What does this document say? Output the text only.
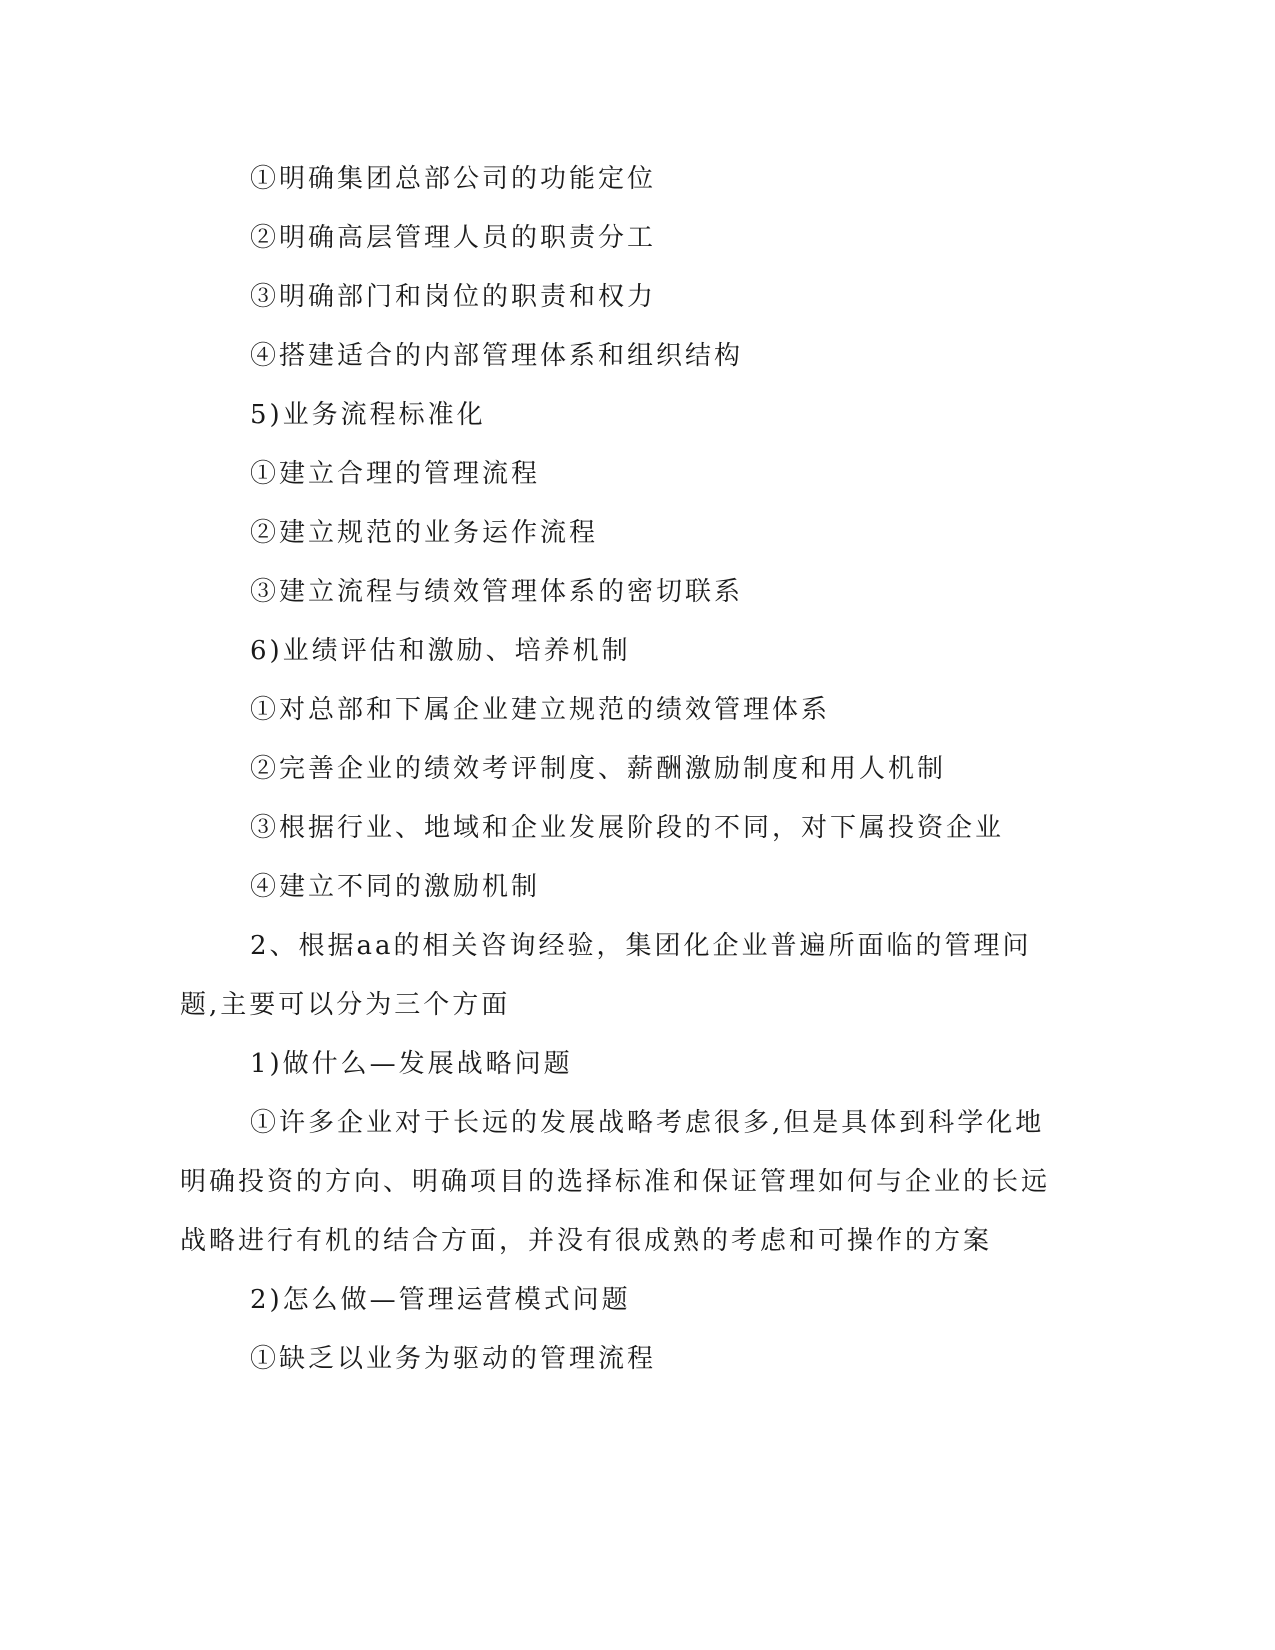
①明确集团总部公司的功能定位

②明确高层管理人员的职责分工

③明确部门和岗位的职责和权力

④搭建适合的内部管理体系和组织结构

5)业务流程标准化

①建立合理的管理流程

②建立规范的业务运作流程

③建立流程与绩效管理体系的密切联系

6)业绩评估和激励、培养机制

①对总部和下属企业建立规范的绩效管理体系

②完善企业的绩效考评制度、薪酬激励制度和用人机制

③根据行业、地域和企业发展阶段的不同，对下属投资企业

④建立不同的激励机制

2、根据aa的相关咨询经验，集团化企业普遍所面临的管理问题,主要可以分为三个方面

1)做什么—发展战略问题

①许多企业对于长远的发展战略考虑很多,但是具体到科学化地明确投资的方向、明确项目的选择标准和保证管理如何与企业的长远战略进行有机的结合方面，并没有很成熟的考虑和可操作的方案

2)怎么做—管理运营模式问题

①缺乏以业务为驱动的管理流程
